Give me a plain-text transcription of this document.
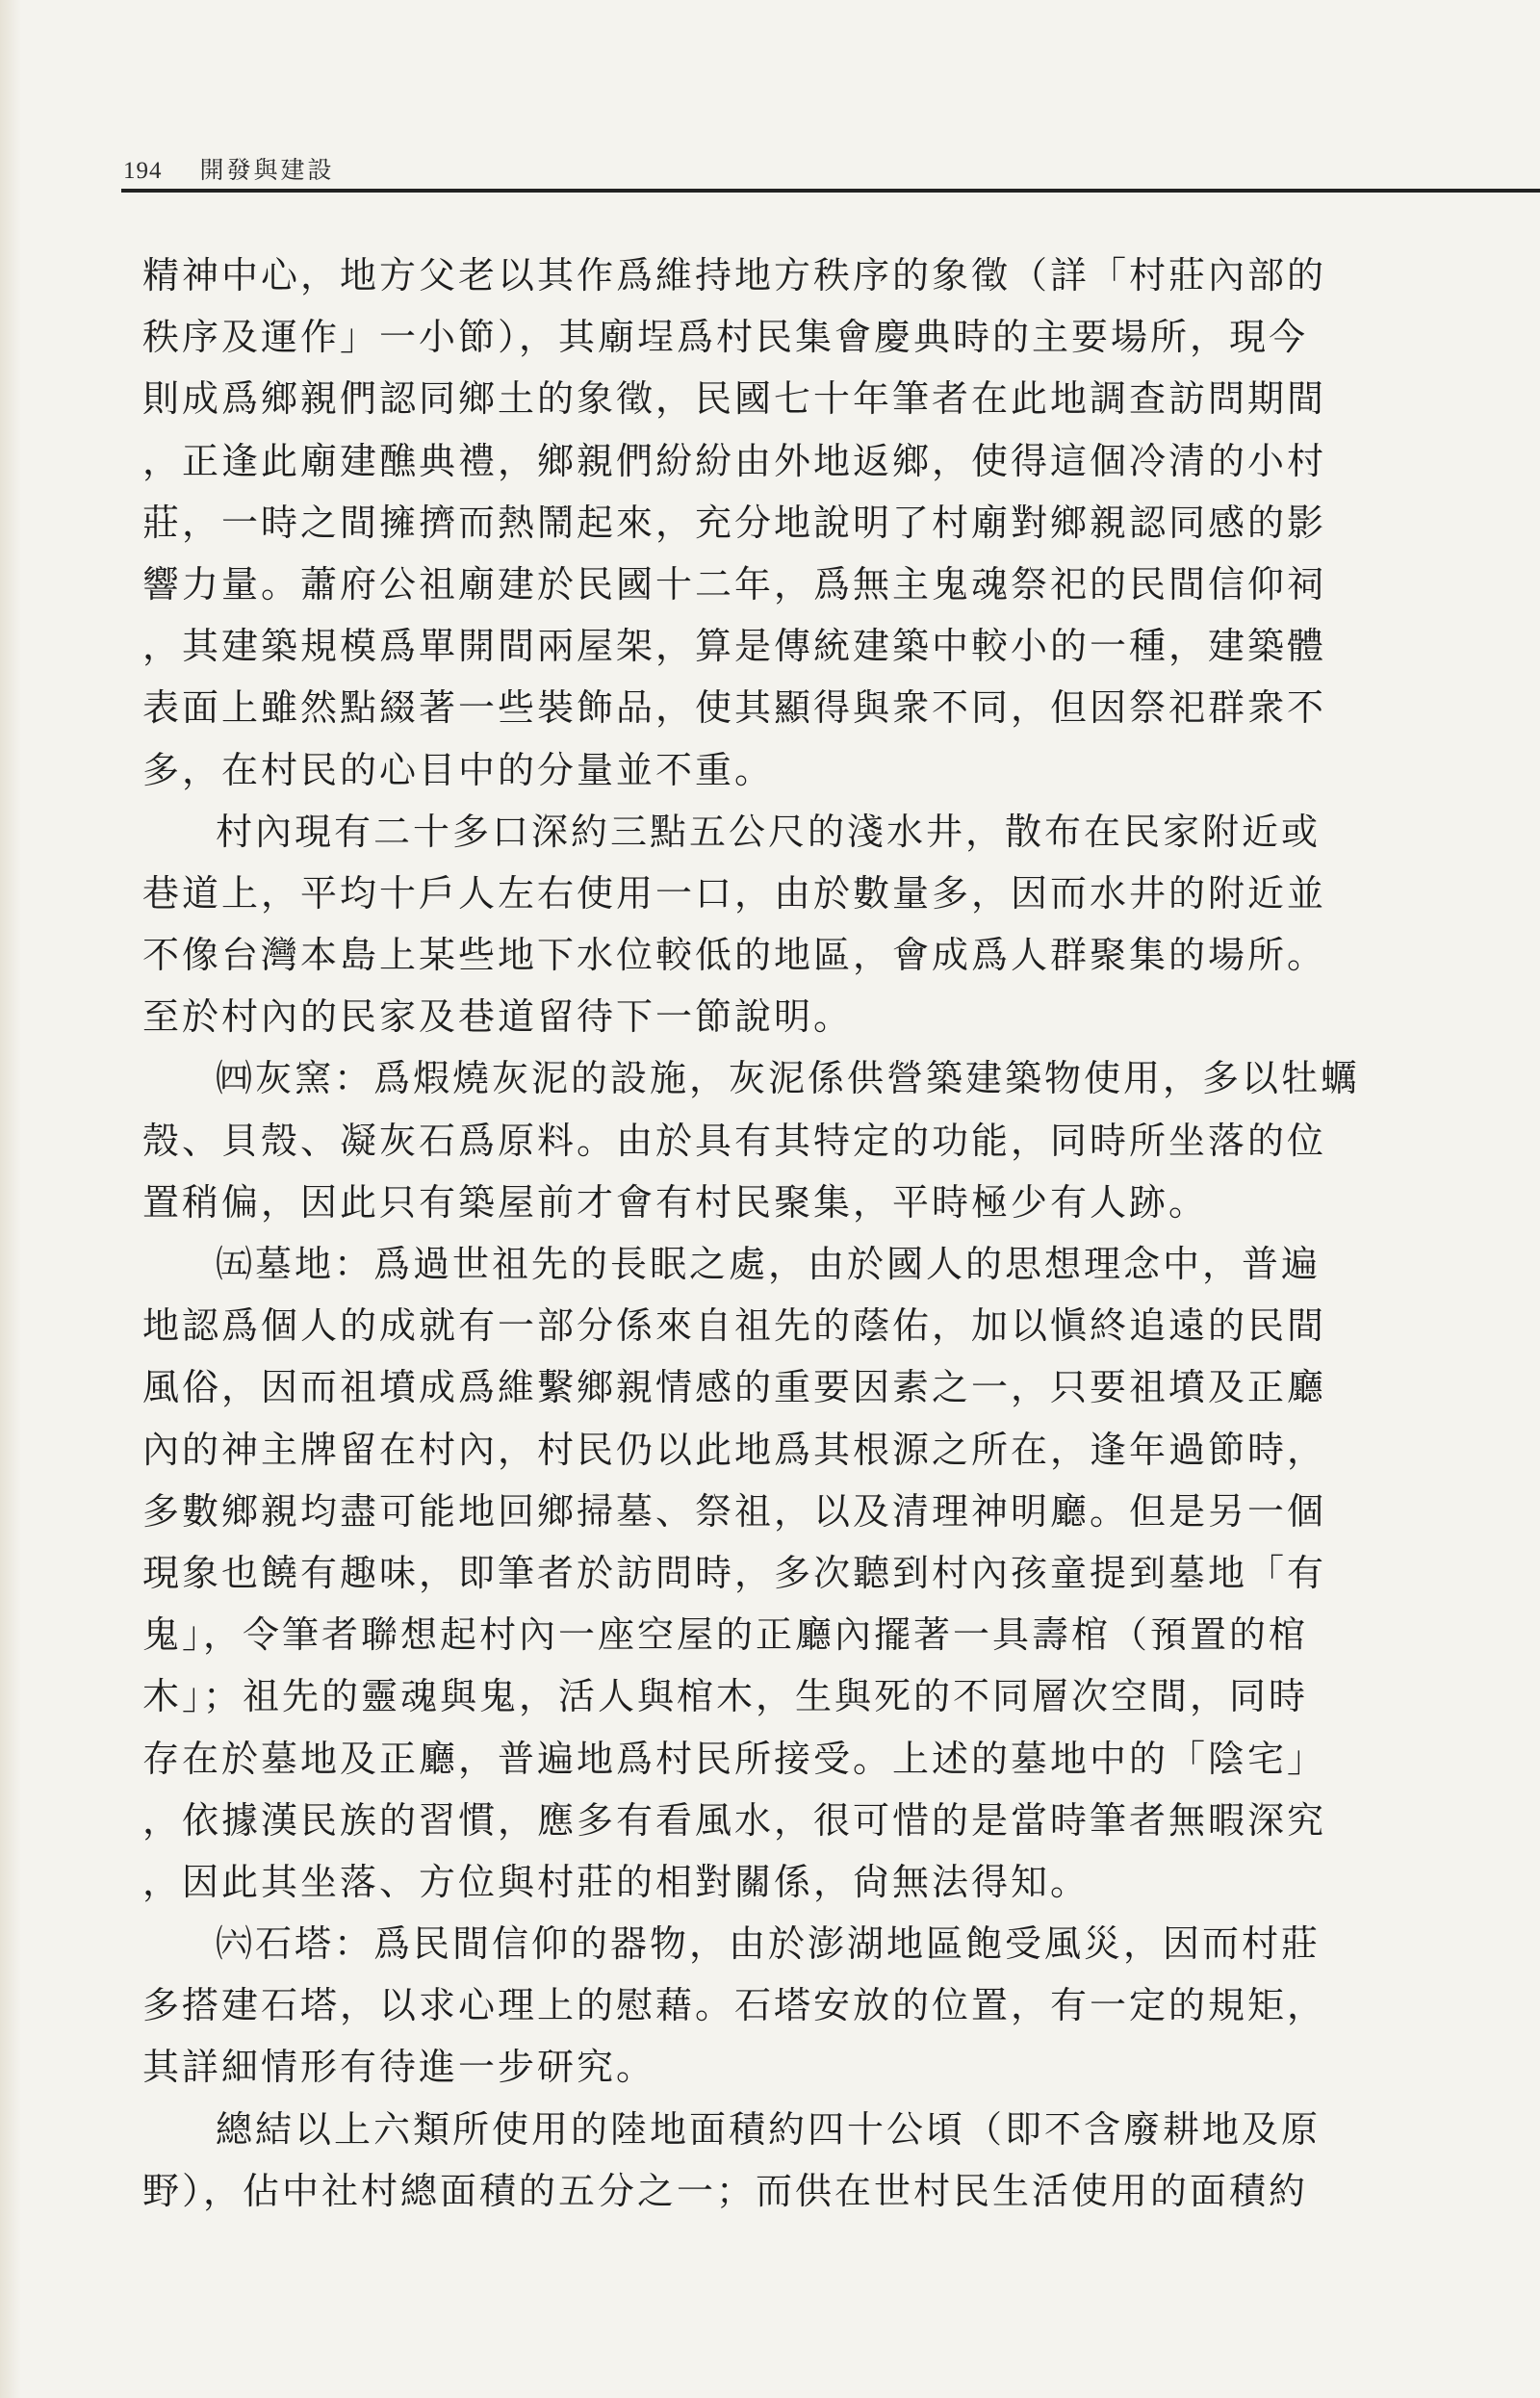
194 開發與建設
精神中心，地方父老以其作爲維持地方秩序的象徵（詳「村莊內部的
秩序及運作」一小節），其廟埕爲村民集會慶典時的主要場所，現今
則成爲鄉親們認同鄉土的象徵，民國七十年筆者在此地調查訪問期間
，正逢此廟建醮典禮，鄉親們紛紛由外地返鄉，使得這個冷清的小村
莊，一時之間擁擠而熱鬧起來，充分地說明了村廟對鄉親認同感的影
響力量。蕭府公祖廟建於民國十二年，爲無主鬼魂祭祀的民間信仰祠
，其建築規模爲單開間兩屋架，算是傳統建築中較小的一種，建築體
表面上雖然點綴著一些裝飾品，使其顯得與衆不同，但因祭祀群衆不
多，在村民的心目中的分量並不重。
村內現有二十多口深約三點五公尺的淺水井，散布在民家附近或
巷道上，平均十戶人左右使用一口，由於數量多，因而水井的附近並
不像台灣本島上某些地下水位較低的地區，會成爲人群聚集的場所。
至於村內的民家及巷道留待下一節說明。
㈣灰窯：爲煆燒灰泥的設施，灰泥係供營築建築物使用，多以牡蠣
殼、貝殼、凝灰石爲原料。由於具有其特定的功能，同時所坐落的位
置稍偏，因此只有築屋前才會有村民聚集，平時極少有人跡。
㈤墓地：爲過世祖先的長眠之處，由於國人的思想理念中，普遍
地認爲個人的成就有一部分係來自祖先的蔭佑，加以愼終追遠的民間
風俗，因而祖墳成爲維繫鄉親情感的重要因素之一，只要祖墳及正廳
內的神主牌留在村內，村民仍以此地爲其根源之所在，逢年過節時，
多數鄉親均盡可能地回鄉掃墓、祭祖，以及清理神明廳。但是另一個
現象也饒有趣味，即筆者於訪問時，多次聽到村內孩童提到墓地「有
鬼」，令筆者聯想起村內一座空屋的正廳內擺著一具壽棺（預置的棺
木」；祖先的靈魂與鬼，活人與棺木，生與死的不同層次空間，同時
存在於墓地及正廳，普遍地爲村民所接受。上述的墓地中的「陰宅」
，依據漢民族的習慣，應多有看風水，很可惜的是當時筆者無暇深究
，因此其坐落、方位與村莊的相對關係，尙無法得知。
㈥石塔：爲民間信仰的器物，由於澎湖地區飽受風災，因而村莊
多搭建石塔，以求心理上的慰藉。石塔安放的位置，有一定的規矩，
其詳細情形有待進一步研究。
總結以上六類所使用的陸地面積約四十公頃（即不含廢耕地及原
野），佔中社村總面積的五分之一；而供在世村民生活使用的面積約
